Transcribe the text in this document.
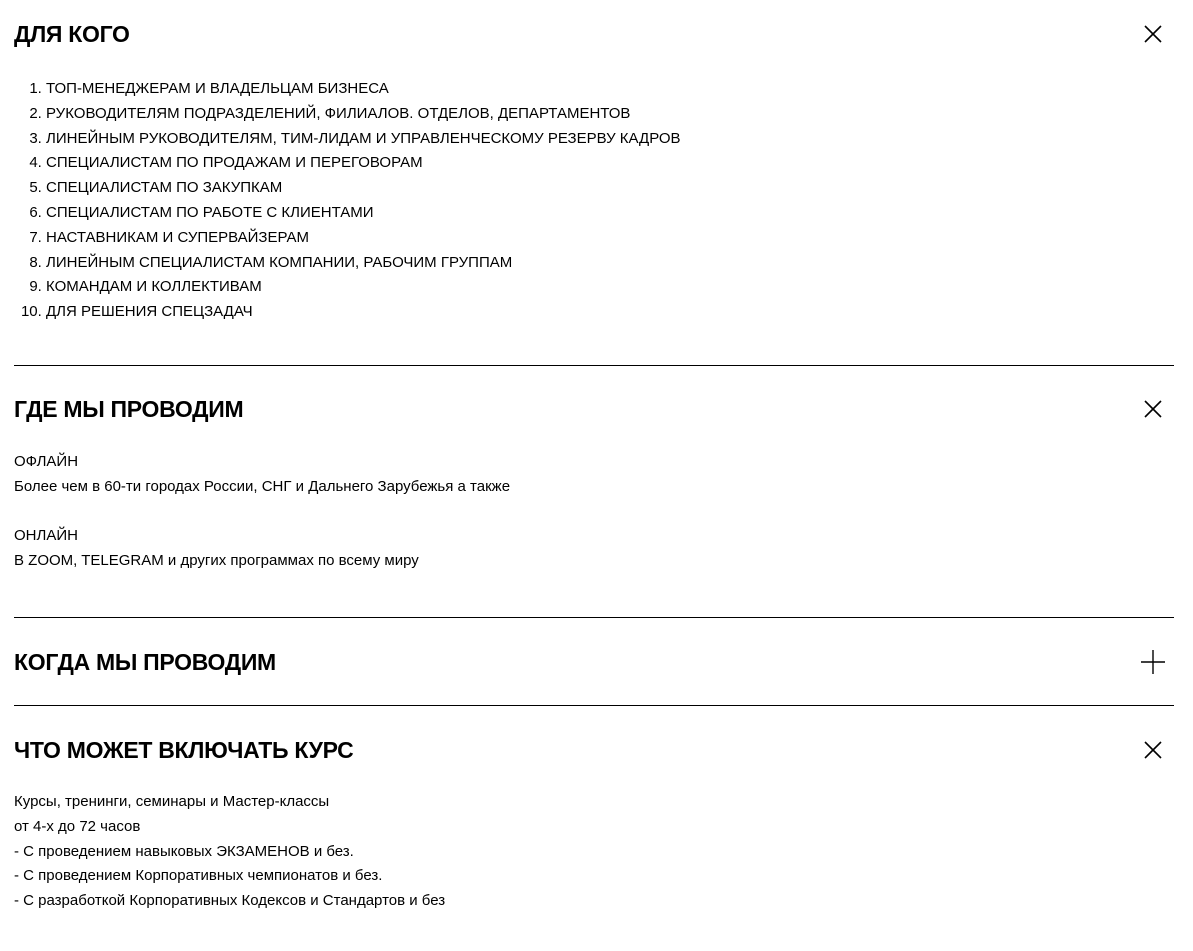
ДЛЯ КОГО
1. ТОП-МЕНЕДЖЕРАМ И ВЛАДЕЛЬЦАМ БИЗНЕСА
2. РУКОВОДИТЕЛЯМ ПОДРАЗДЕЛЕНИЙ, ФИЛИАЛОВ. ОТДЕЛОВ, ДЕПАРТАМЕНТОВ
3. ЛИНЕЙНЫМ РУКОВОДИТЕЛЯМ, ТИМ-ЛИДАМ И УПРАВЛЕНЧЕСКОМУ РЕЗЕРВУ КАДРОВ
4. СПЕЦИАЛИСТАМ ПО ПРОДАЖАМ И ПЕРЕГОВОРАМ
5. СПЕЦИАЛИСТАМ ПО ЗАКУПКАМ
6. СПЕЦИАЛИСТАМ ПО РАБОТЕ С КЛИЕНТАМИ
7. НАСТАВНИКАМ И СУПЕРВАЙЗЕРАМ
8. ЛИНЕЙНЫМ СПЕЦИАЛИСТАМ КОМПАНИИ, РАБОЧИМ ГРУППАМ
9. КОМАНДАМ И КОЛЛЕКТИВАМ
10. ДЛЯ РЕШЕНИЯ СПЕЦЗАДАЧ
ГДЕ МЫ ПРОВОДИМ
ОФЛАЙН
Более чем в 60-ти городах России, СНГ и Дальнего Зарубежья а также
ОНЛАЙН
В ZOOM, TELEGRAM и других программах по всему миру
КОГДА МЫ ПРОВОДИМ
ЧТО МОЖЕТ ВКЛЮЧАТЬ КУРС
Курсы, тренинги, семинары и Мастер-классы
от 4-х до 72 часов
- С проведением навыковых ЭКЗАМЕНОВ и без.
- С проведением Корпоративных чемпионатов и без.
- С разработкой Корпоративных Кодексов и Стандартов и без
